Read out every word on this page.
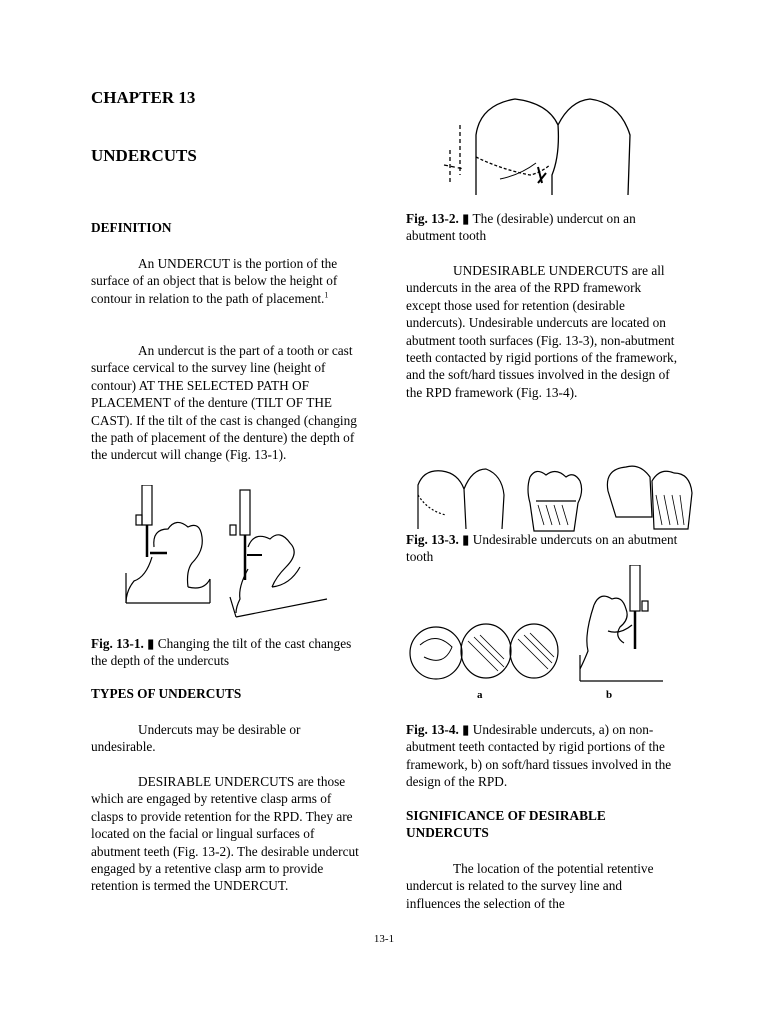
CHAPTER 13
UNDERCUTS
DEFINITION
An UNDERCUT is the portion of the surface of an object that is below the height of contour in relation to the path of placement.$^1$
An undercut is the part of a tooth or cast surface cervical to the survey line (height of contour) AT THE SELECTED PATH OF PLACEMENT of the denture (TILT OF THE CAST). If the tilt of the cast is changed (changing the path of placement of the denture) the depth of the undercut will change (Fig. 13-1).
Fig. 13-1. ▮ Changing the tilt of the cast changes the depth of the undercuts
TYPES OF UNDERCUTS
Undercuts may be desirable or undesirable.
DESIRABLE UNDERCUTS are those which are engaged by retentive clasp arms of clasps to provide retention for the RPD. They are located on the facial or lingual surfaces of abutment teeth (Fig. 13-2). The desirable undercut engaged by a retentive clasp arm to provide retention is termed the UNDERCUT.
Fig. 13-2. ▮ The (desirable) undercut on an abutment tooth
UNDESIRABLE UNDERCUTS are all undercuts in the area of the RPD framework except those used for retention (desirable undercuts). Undesirable undercuts are located on abutment tooth surfaces (Fig. 13-3), non-abutment teeth contacted by rigid portions of the framework, and the soft/hard tissues involved in the design of the RPD framework (Fig. 13-4).
Fig. 13-3. ▮ Undesirable undercuts on an abutment tooth
a	b
Fig. 13-4. ▮ Undesirable undercuts, a) on non-abutment teeth contacted by rigid portions of the framework, b) on soft/hard tissues involved in the design of the RPD.
SIGNIFICANCE OF DESIRABLE UNDERCUTS
The location of the potential retentive undercut is related to the survey line and influences the selection of the
13-1
